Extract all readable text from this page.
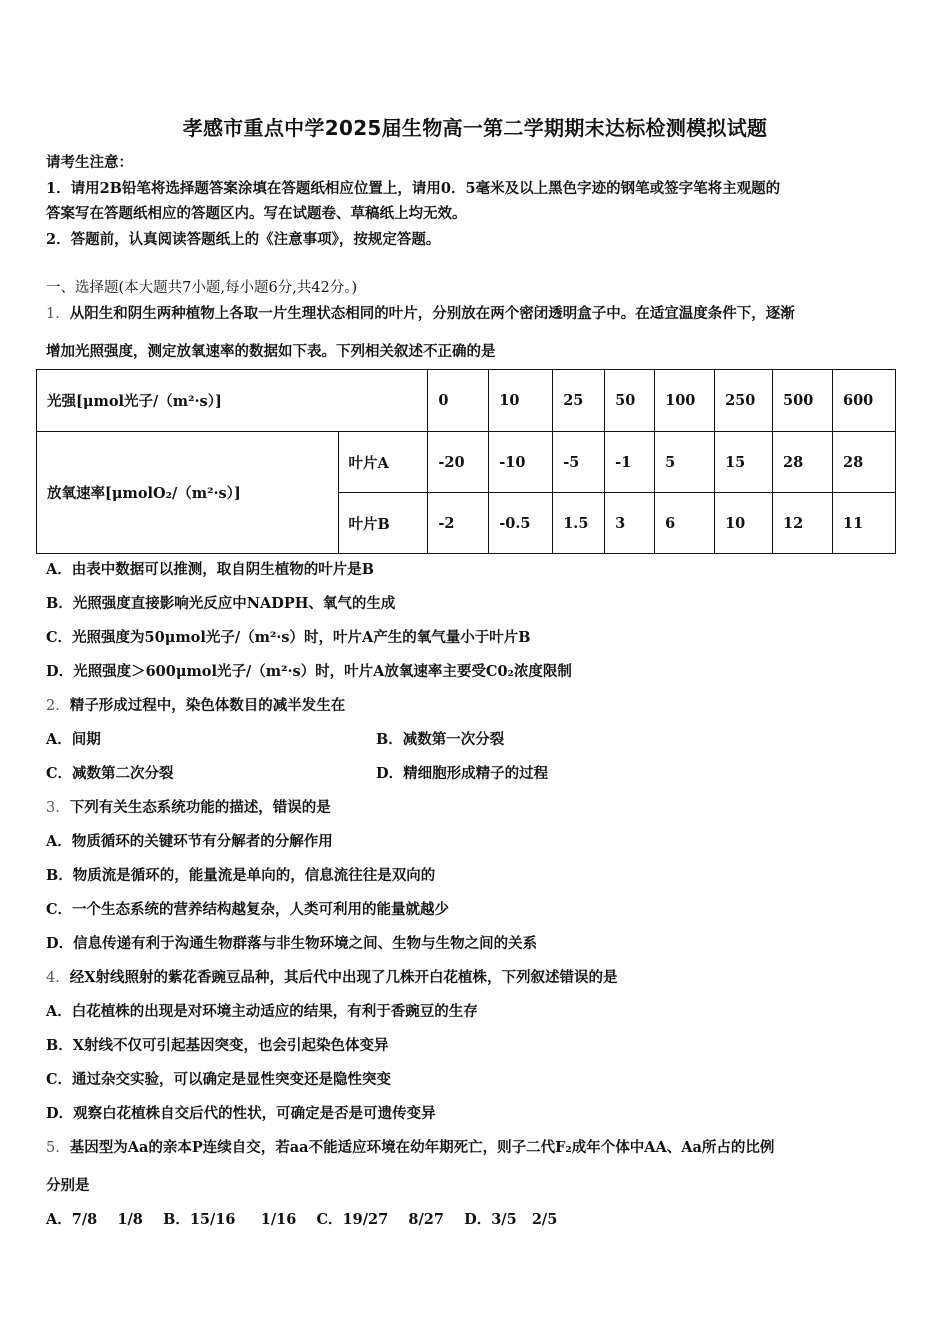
孝感市重点中学2025届生物高一第二学期期末达标检测模拟试题
请考生注意：
1．请用2B铅笔将选择题答案涂填在答题纸相应位置上，请用0．5毫米及以上黑色字迹的钢笔或签字笔将主观题的
答案写在答题纸相应的答题区内。写在试题卷、草稿纸上均无效。
2．答题前，认真阅读答题纸上的《注意事项》，按规定答题。
一、选择题(本大题共7小题,每小题6分,共42分。)
1．从阳生和阴生两种植物上各取一片生理状态相同的叶片，分别放在两个密闭透明盒子中。在适宜温度条件下，逐渐
增加光照强度，测定放氧速率的数据如下表。下列相关叙述不正确的是
光强[μmol光子/（m²·s）]		0	10	25	50	100	250	500	600
放氧速率[μmolO₂/（m²·s）]	叶片A	-20	-10	-5	-1	5	15	28	28
	叶片B	-2	-0.5	1.5	3	6	10	12	11
A．由表中数据可以推测，取自阴生植物的叶片是B
B．光照强度直接影响光反应中NADPH、氧气的生成
C．光照强度为50μmol光子/（m²·s）时，叶片A产生的氧气量小于叶片B
D．光照强度＞600μmol光子/（m²·s）时，叶片A放氧速率主要受C0₂浓度限制
2．精子形成过程中，染色体数目的减半发生在
A．间期	B．减数第一次分裂
C．减数第二次分裂	D．精细胞形成精子的过程
3．下列有关生态系统功能的描述，错误的是
A．物质循环的关键环节有分解者的分解作用
B．物质流是循环的，能量流是单向的，信息流往往是双向的
C．一个生态系统的营养结构越复杂，人类可利用的能量就越少
D．信息传递有利于沟通生物群落与非生物环境之间、生物与生物之间的关系
4．经X射线照射的紫花香豌豆品种，其后代中出现了几株开白花植株，下列叙述错误的是
A．白花植株的出现是对环境主动适应的结果，有利于香豌豆的生存
B．X射线不仅可引起基因突变，也会引起染色体变异
C．通过杂交实验，可以确定是显性突变还是隐性突变
D．观察白花植株自交后代的性状，可确定是否是可遗传变异
5．基因型为Aa的亲本P连续自交，若aa不能适应环境在幼年期死亡，则子二代F₂成年个体中AA、Aa所占的比例
分别是
A．7/8    1/8    B．15/16     1/16    C．19/27    8/27    D．3/5   2/5
